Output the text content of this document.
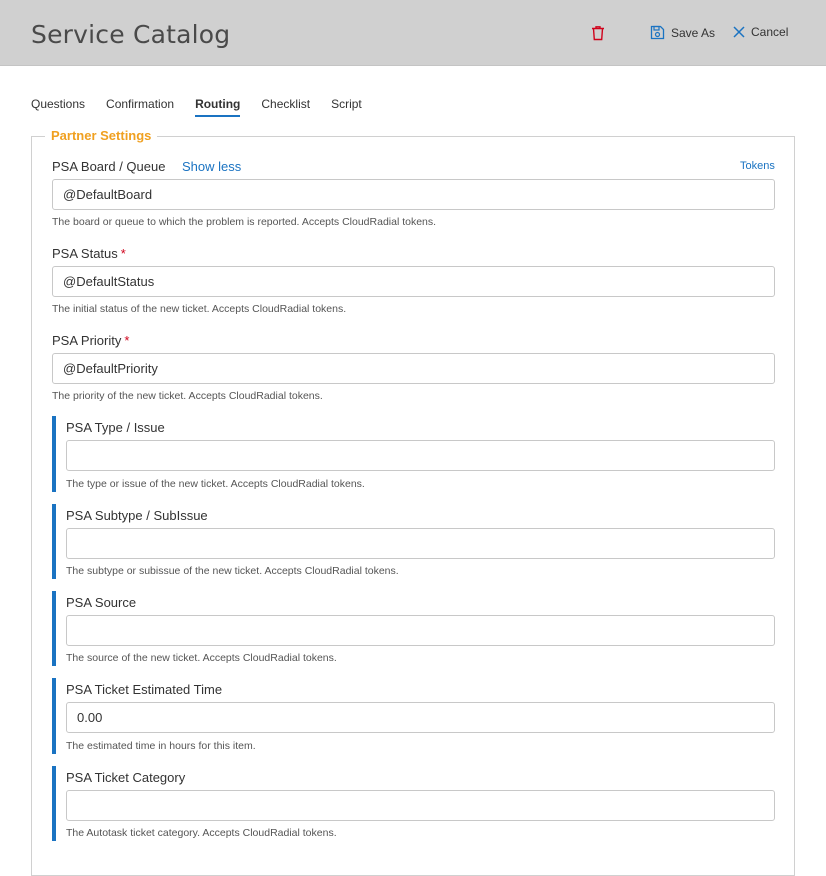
Service Catalog	Save As	Cancel
Questions Confirmation Routing Checklist Script
Partner Settings
PSA Board / Queue Show less	Tokens
@DefaultBoard
The board or queue to which the problem is reported. Accepts CloudRadial tokens.
PSA Status *
@DefaultStatus
The initial status of the new ticket. Accepts CloudRadial tokens.
PSA Priority *
@DefaultPriority
The priority of the new ticket. Accepts CloudRadial tokens.
PSA Type / Issue
The type or issue of the new ticket. Accepts CloudRadial tokens.
PSA Subtype / SubIssue
The subtype or subissue of the new ticket. Accepts CloudRadial tokens.
PSA Source
The source of the new ticket. Accepts CloudRadial tokens.
PSA Ticket Estimated Time
0.00
The estimated time in hours for this item.
PSA Ticket Category
The Autotask ticket category. Accepts CloudRadial tokens.
